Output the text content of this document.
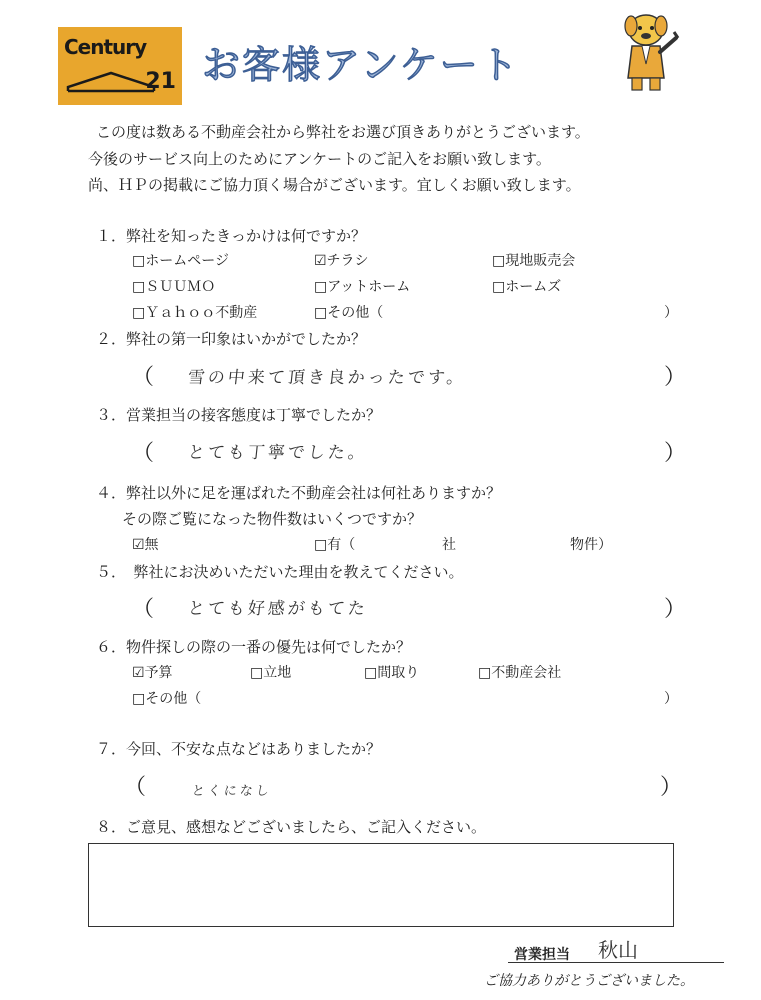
Century
21 お客様アンケート
この度は数ある不動産会社から弊社をお選び頂きありがとうございます。
今後のサービス向上のためにアンケートのご記入をお願い致します。
尚、ＨＰの掲載にご協力頂く場合がございます。宜しくお願い致します。
１．弊社を知ったきっかけは何ですか？
□ホームページ	☑チラシ	□現地販売会
□ＳＵＵＭＯ	□アットホーム	□ホームズ
□Ｙａｈｏｏ不動産	□その他（	）
２．弊社の第一印象はいかがでしたか？
（ 雪の中来て頂き良かったです。	）
３．営業担当の接客態度は丁寧でしたか？
（ とても丁寧でした。	）
４．弊社以外に足を運ばれた不動産会社は何社ありますか？
その際ご覧になった物件数はいくつですか？
☑無	□有（	社	物件）
５．　弊社にお決めいただいた理由を教えてください。
（ とても好感がもてた	）
６．物件探しの際の一番の優先は何でしたか？
☑予算	□立地	□間取り	□不動産会社
□その他（	）
７．今回、不安な点などはありましたか？
（	とくになし	）
８．ご意見、感想などございましたら、ご記入ください。
営業担当 秋山
ご協力ありがとうございました。
